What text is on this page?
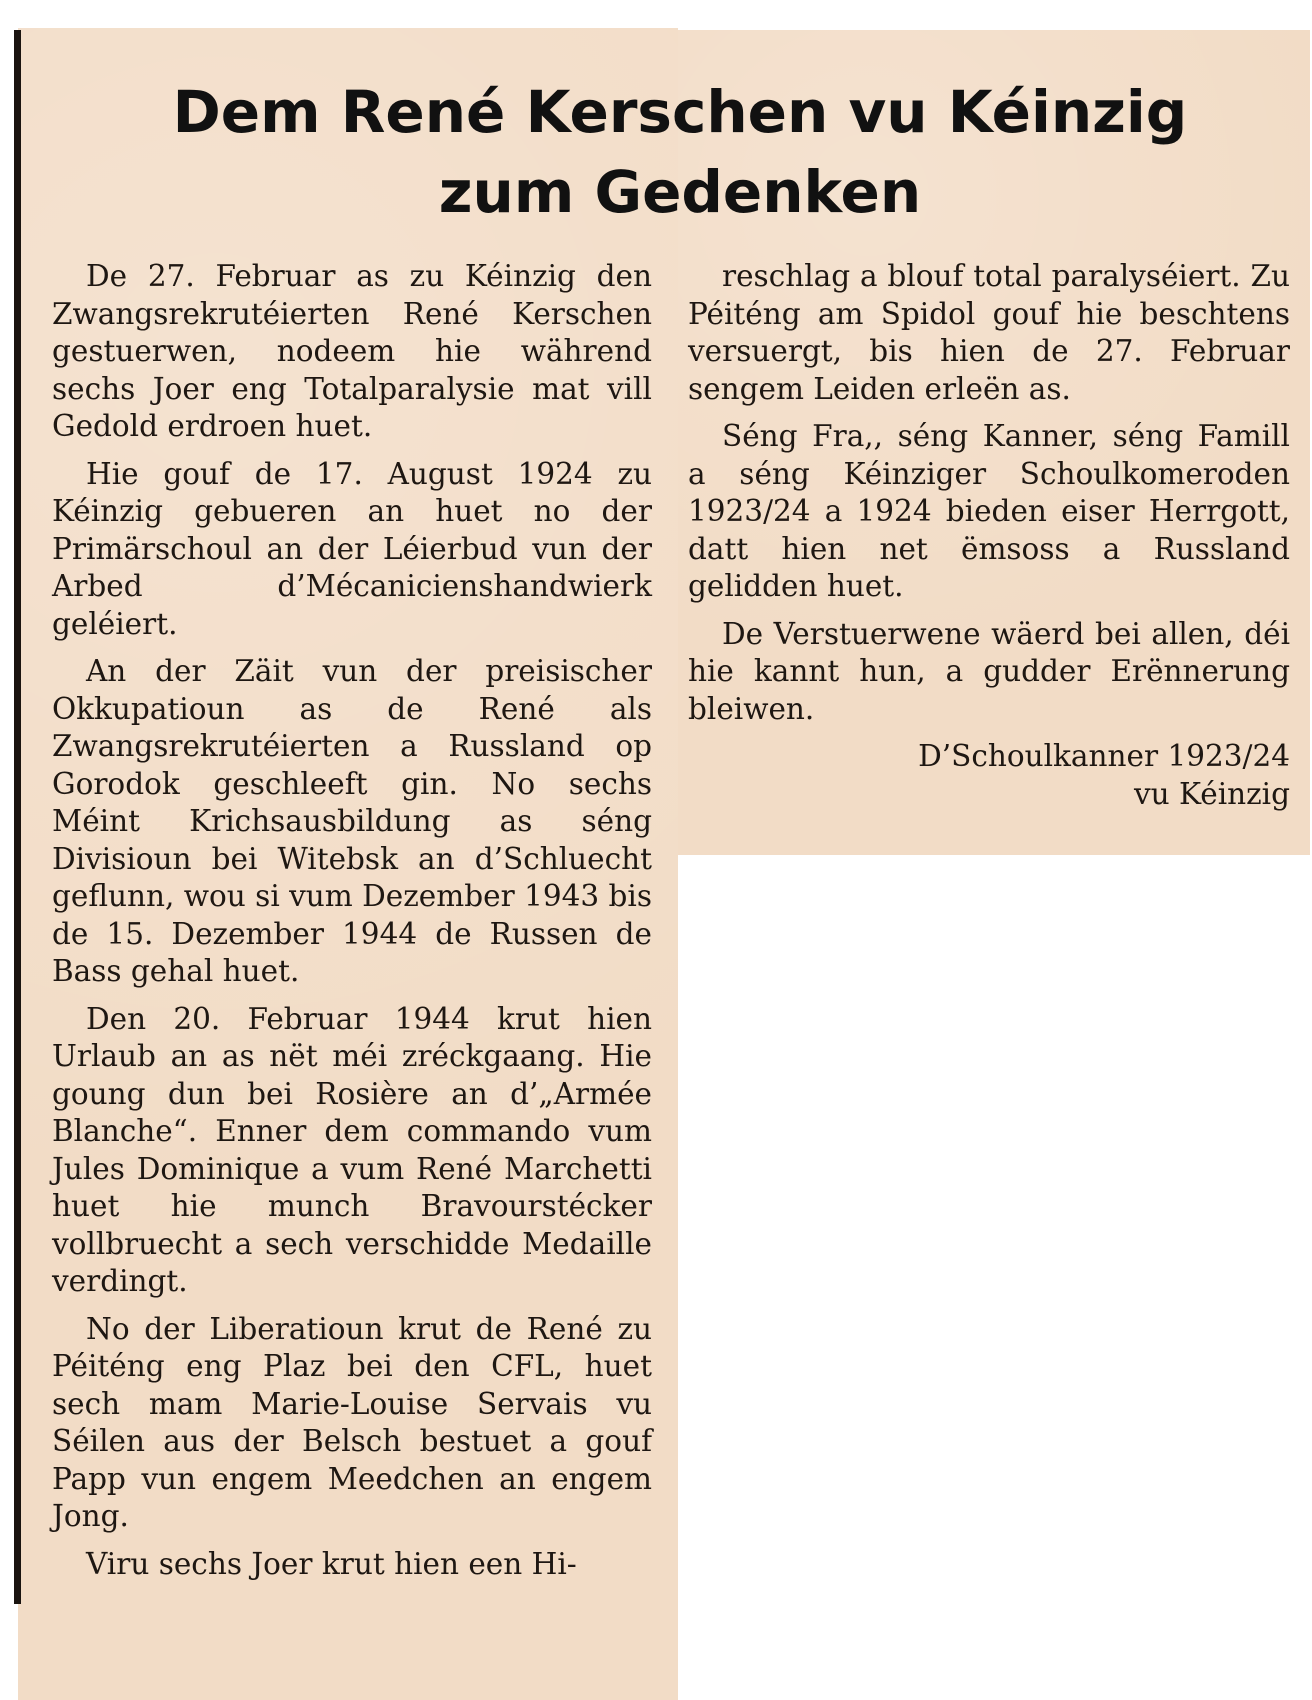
Dem René Kerschen vu Kéinzig
zum Gedenken

De 27. Februar as zu Kéinzig den Zwangsrekrutéierten René Kerschen gestuerwen, nodeem hie während sechs Joer eng Totalparalysie mat vill Gedold erdroen huet.

Hie gouf de 17. August 1924 zu Kéinzig gebueren an huet no der Primärschoul an der Léierbud vun der Arbed d’Mécanicienshandwierk geléiert.

An der Zäit vun der preisischer Okkupatioun as de René als Zwangsrekrutéierten a Russland op Gorodok geschleeft gin. No sechs Méint Krichsausbildung as séng Divisioun bei Witebsk an d’Schluecht geflunn, wou si vum Dezember 1943 bis de 15. Dezember 1944 de Russen de Bass gehal huet.

Den 20. Februar 1944 krut hien Urlaub an as nët méi zréckgaang. Hie goung dun bei Rosière an d’„Armée Blanche“. Enner dem commando vum Jules Dominique a vum René Marchetti huet hie munch Bravourstécker vollbruecht a sech verschidde Medaille verdingt.

No der Liberatioun krut de René zu Péiténg eng Plaz bei den CFL, huet sech mam Marie-Louise Servais vu Séilen aus der Belsch bestuet a gouf Papp vun engem Meedchen an engem Jong.

Viru sechs Joer krut hien een Hi-

reschlag a blouf total paralyséiert. Zu Péiténg am Spidol gouf hie beschtens versuergt, bis hien de 27. Februar sengem Leiden erleën as.

Séng Fra,, séng Kanner, séng Famill a séng Kéinziger Schoulkomeroden 1923/24 a 1924 bieden eiser Herrgott, datt hien net ëmsoss a Russland gelidden huet.

De Verstuerwene wäerd bei allen, déi hie kannt hun, a gudder Erënnerung bleiwen.

D’Schoulkanner 1923/24
vu Kéinzig
